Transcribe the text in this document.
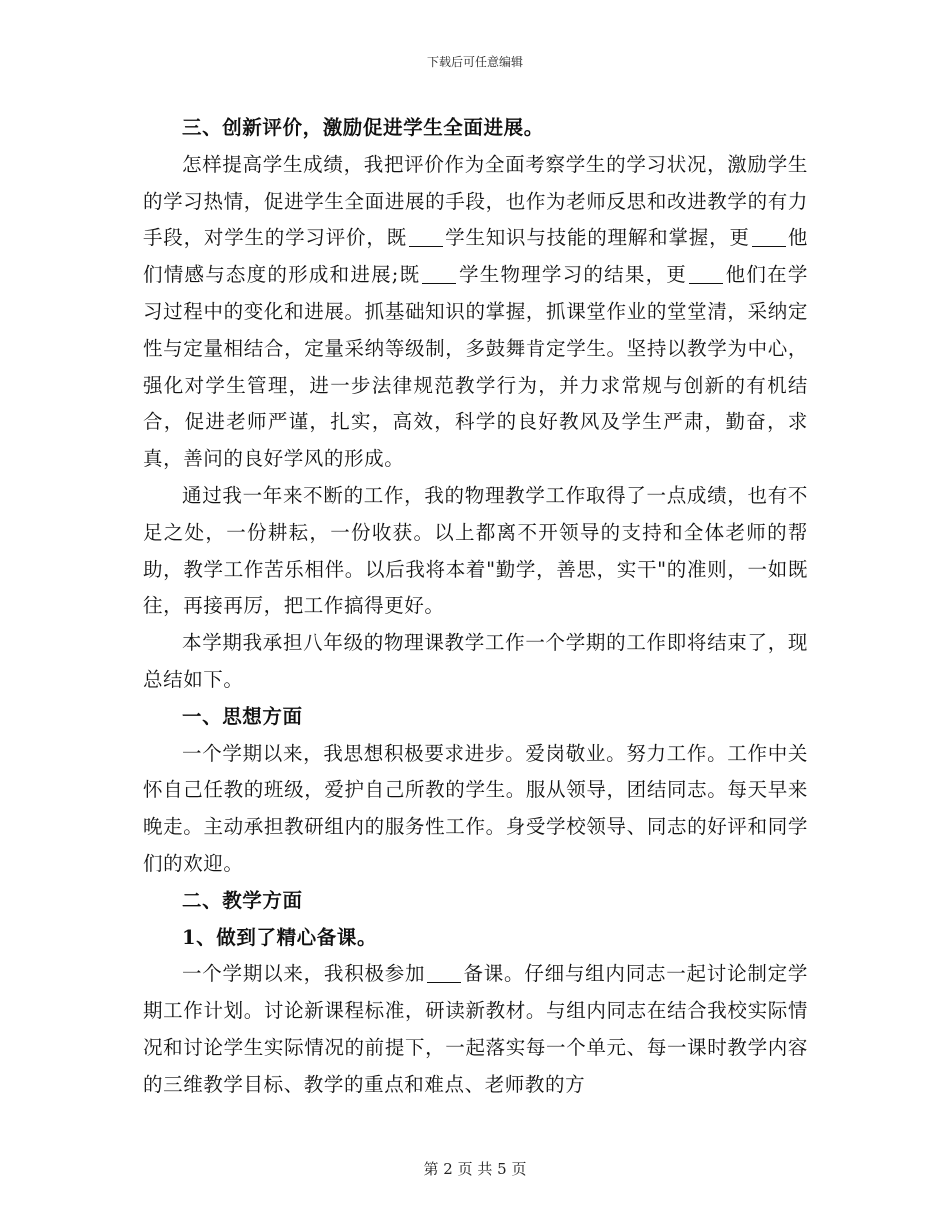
下载后可任意编辑
三、创新评价，激励促进学生全面进展。

怎样提高学生成绩，我把评价作为全面考察学生的学习状况，激励学生的学习热情，促进学生全面进展的手段，也作为老师反思和改进教学的有力手段，对学生的学习评价，既 学生知识与技能的理解和掌握，更 他们情感与态度的形成和进展;既 学生物理学习的结果，更 他们在学习过程中的变化和进展。抓基础知识的掌握，抓课堂作业的堂堂清，采纳定性与定量相结合，定量采纳等级制，多鼓舞肯定学生。坚持以教学为中心，强化对学生管理，进一步法律规范教学行为，并力求常规与创新的有机结合，促进老师严谨，扎实，高效，科学的良好教风及学生严肃，勤奋，求真，善问的良好学风的形成。

通过我一年来不断的工作，我的物理教学工作取得了一点成绩，也有不足之处，一份耕耘，一份收获。以上都离不开领导的支持和全体老师的帮助，教学工作苦乐相伴。以后我将本着"勤学，善思，实干"的准则，一如既往，再接再厉，把工作搞得更好。

本学期我承担八年级的物理课教学工作一个学期的工作即将结束了，现总结如下。

一、思想方面

一个学期以来，我思想积极要求进步。爱岗敬业。努力工作。工作中关怀自己任教的班级，爱护自己所教的学生。服从领导，团结同志。每天早来晚走。主动承担教研组内的服务性工作。身受学校领导、同志的好评和同学们的欢迎。

二、教学方面
1、做到了精心备课。

一个学期以来，我积极参加 备课。仔细与组内同志一起讨论制定学期工作计划。讨论新课程标准，研读新教材。与组内同志在结合我校实际情况和讨论学生实际情况的前提下，一起落实每一个单元、每一课时教学内容的三维教学目标、教学的重点和难点、老师教的方

第 2 页 共 5 页
